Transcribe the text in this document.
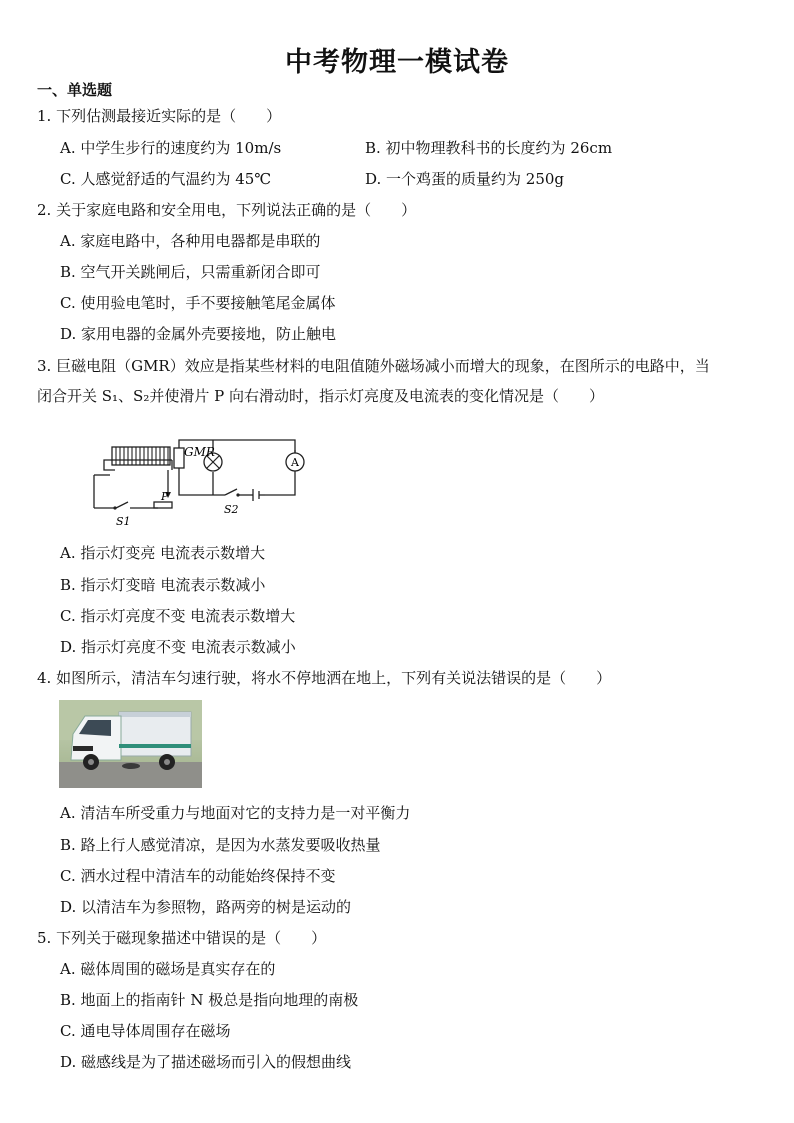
中考物理一模试卷
一、单选题
1. 下列估测最接近实际的是（　　）
A. 中学生步行的速度约为 10m/s	B. 初中物理教科书的长度约为 26cm
C. 人感觉舒适的气温约为 45℃	D. 一个鸡蛋的质量约为 250g
2. 关于家庭电路和安全用电，下列说法正确的是（　　）
A. 家庭电路中，各种用电器都是串联的
B. 空气开关跳闸后，只需重新闭合即可
C. 使用验电笔时，手不要接触笔尾金属体
D. 家用电器的金属外壳要接地，防止触电
3. 巨磁电阻（GMR）效应是指某些材料的电阻值随外磁场减小而增大的现象，在图所示的电路中，当
闭合开关 S₁、S₂并使滑片 P 向右滑动时，指示灯亮度及电流表的变化情况是（　　）
A
GMR
P
S1
S2
A. 指示灯变亮 电流表示数增大
B. 指示灯变暗 电流表示数减小
C. 指示灯亮度不变 电流表示数增大
D. 指示灯亮度不变 电流表示数减小
4. 如图所示，清洁车匀速行驶，将水不停地洒在地上，下列有关说法错误的是（　　）
A. 清洁车所受重力与地面对它的支持力是一对平衡力
B. 路上行人感觉清凉，是因为水蒸发要吸收热量
C. 洒水过程中清洁车的动能始终保持不变
D. 以清洁车为参照物，路两旁的树是运动的
5. 下列关于磁现象描述中错误的是（　　）
A. 磁体周围的磁场是真实存在的
B. 地面上的指南针 N 极总是指向地理的南极
C. 通电导体周围存在磁场
D. 磁感线是为了描述磁场而引入的假想曲线
